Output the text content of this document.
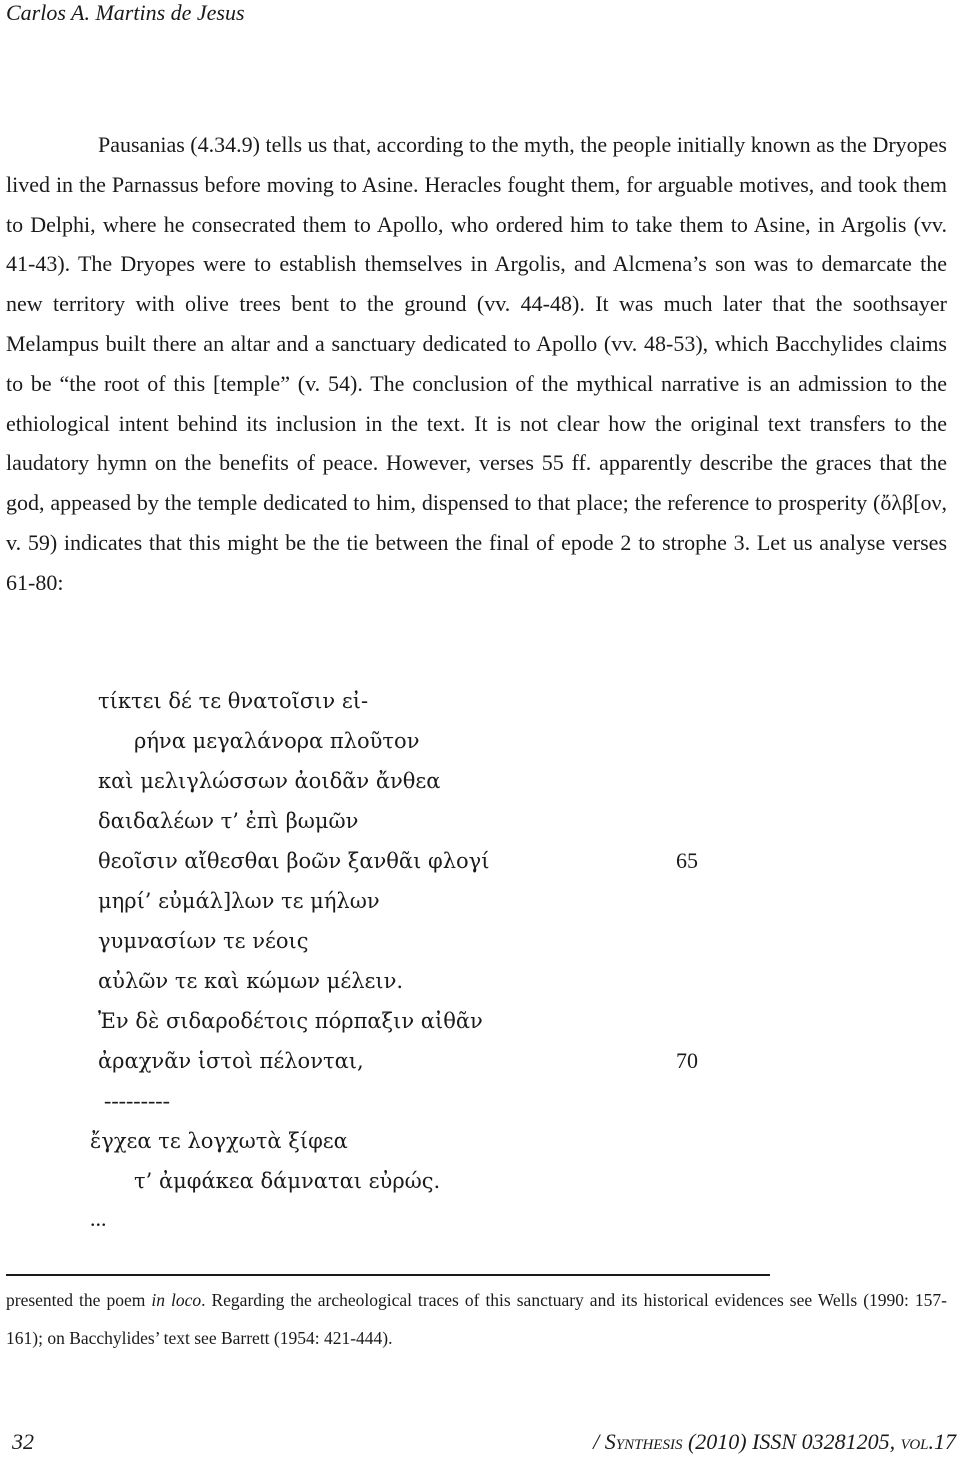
Carlos A. Martins de Jesus

Pausanias (4.34.9) tells us that, according to the myth, the people initially known as the Dryopes lived in the Parnassus before moving to Asine. Heracles fought them, for arguable motives, and took them to Delphi, where he consecrated them to Apollo, who ordered him to take them to Asine, in Argolis (vv. 41-43). The Dryopes were to establish themselves in Argolis, and Alcmena’s son was to demarcate the new territory with olive trees bent to the ground (vv. 44-48). It was much later that the soothsayer Melampus built there an altar and a sanctuary dedicated to Apollo (vv. 48-53), which Bacchylides claims to be “the root of this [temple” (v. 54). The conclusion of the mythical narrative is an admission to the ethiological intent behind its inclusion in the text. It is not clear how the original text transfers to the laudatory hymn on the benefits of peace. However, verses 55 ff. apparently describe the graces that the god, appeased by the temple dedicated to him, dispensed to that place; the reference to prosperity (ὄλβ[ον, v. 59) indicates that this might be the tie between the final of epode 2 to strophe 3. Let us analyse verses 61-80:

τίκτει δέ τε θνατοῖσιν εἰ-
ρήνα μεγαλάνορα πλοῦτον
καὶ μελιγλώσσων ἀοιδᾶν ἄνθεα
δαιδαλέων τ’ ἐπὶ βωμῶν
θεοῖσιν αἴθεσθαι βοῶν ξανθᾶι φλογί
μηρί’ εὐμάλ]λων τε μήλων
γυμνασίων τε νέοις
αὐλῶν τε καὶ κώμων μέλειν.
Ἐν δὲ σιδαροδέτοις πόρπαξιν αἰθᾶν
ἀραχνᾶν ἱστοὶ πέλονται,
---------
ἔγχεα τε λογχωτὰ ξίφεα
τ’ ἀμφάκεα δάμναται εὐρώς.
...
65
70

presented the poem in loco. Regarding the archeological traces of this sanctuary and its historical evidences see Wells (1990: 157-161); on Bacchylides’ text see Barrett (1954: 421-444).

32	/ Synthesis (2010) ISSN 03281205, vol.17
